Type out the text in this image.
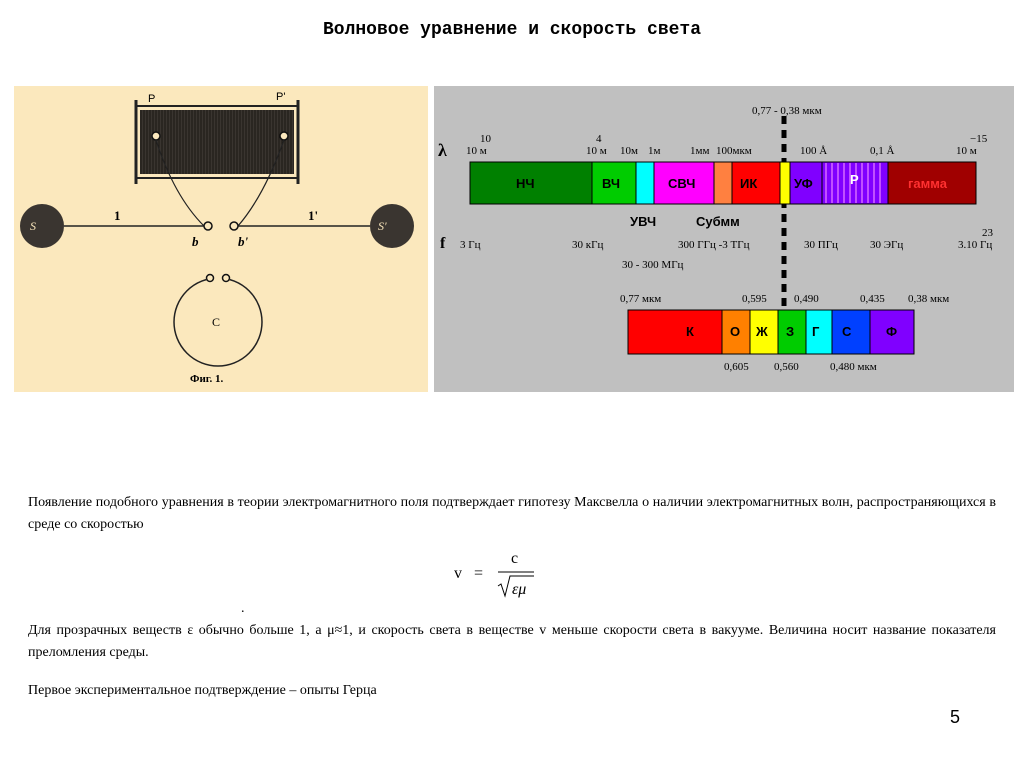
Волновое уравнение и скорость света
P	P'
S	S'
1	1'
b	b'
C
Фиг. 1.
0,77 - 0,38 мкм
λ
f
10
10 м
4
10 м 10м 1м	1мм 100мкм	100 Å	0,1 Å
−15
10 м
НЧ	ВЧ	СВЧ	ИК	УФ	Р	гамма
УВЧ	Субмм
3 Гц	30 кГц	300 ГГц -3 ТГц	30 ПГц	30 ЭГц
23
3.10 Гц
30 - 300 МГц
0,77 мкм	0,595 0,490	0,435 0,38 мкм
К	О Ж З Г С	Ф
0,605 0,560	0,480 мкм
Появление подобного уравнения в теории электромагнитного поля подтверждает гипотезу Максвелла о наличии электромагнитных волн, распространяющихся в среде со скоростью
v =
c
εμ
.
Для прозрачных веществ ε обычно больше 1, а μ≈1, и скорость света в веществе v меньше скорости света в вакууме. Величина носит название показателя преломления среды.
Первое экспериментальное подтверждение – опыты Герца
5
